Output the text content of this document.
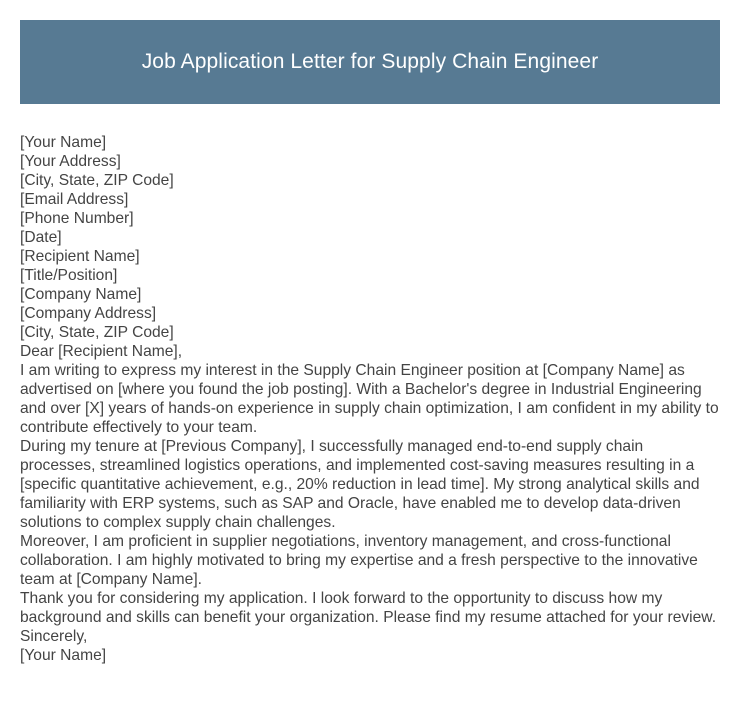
Job Application Letter for Supply Chain Engineer
[Your Name]
[Your Address]
[City, State, ZIP Code]
[Email Address]
[Phone Number]
[Date]
[Recipient Name]
[Title/Position]
[Company Name]
[Company Address]
[City, State, ZIP Code]
Dear [Recipient Name],
I am writing to express my interest in the Supply Chain Engineer position at [Company Name] as advertised on [where you found the job posting]. With a Bachelor's degree in Industrial Engineering and over [X] years of hands-on experience in supply chain optimization, I am confident in my ability to contribute effectively to your team.
During my tenure at [Previous Company], I successfully managed end-to-end supply chain processes, streamlined logistics operations, and implemented cost-saving measures resulting in a [specific quantitative achievement, e.g., 20% reduction in lead time]. My strong analytical skills and familiarity with ERP systems, such as SAP and Oracle, have enabled me to develop data-driven solutions to complex supply chain challenges.
Moreover, I am proficient in supplier negotiations, inventory management, and cross-functional collaboration. I am highly motivated to bring my expertise and a fresh perspective to the innovative team at [Company Name].
Thank you for considering my application. I look forward to the opportunity to discuss how my background and skills can benefit your organization. Please find my resume attached for your review.
Sincerely,
[Your Name]
